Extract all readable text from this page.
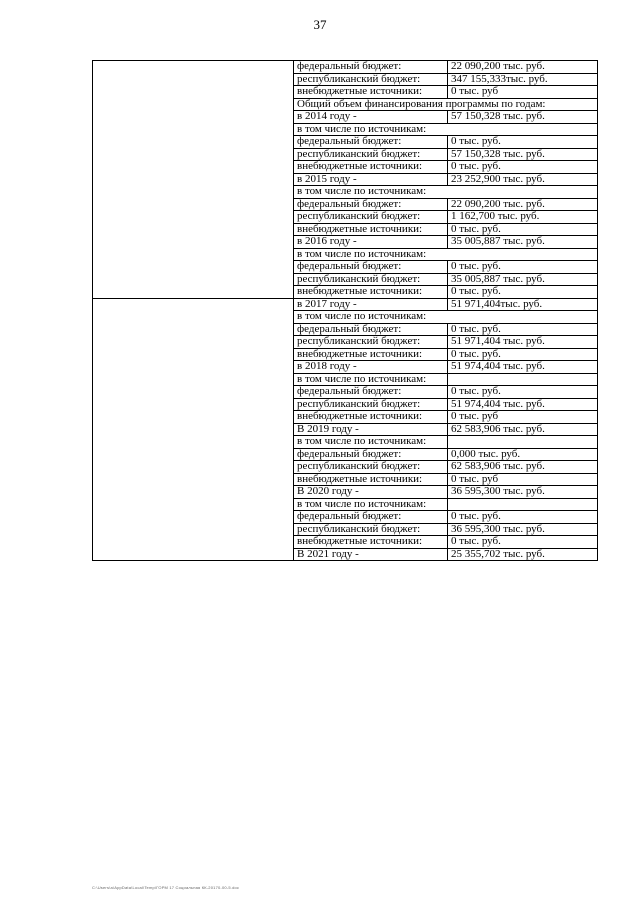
37
	федеральный бюджет:	22 090,200 тыс. руб.
	республиканский бюджет:	347 155,333тыс. руб.
	внебюджетные источники:	0 тыс. руб
	Общий объем финансирования программы по годам:	
	в 2014 году -	57 150,328 тыс. руб.
	в том числе по источникам:	
	федеральный бюджет:	0 тыс. руб.
	республиканский бюджет:	57 150,328 тыс. руб.
	внебюджетные источники:	0 тыс. руб.
	в 2015 году -	23 252,900 тыс. руб.
	в том числе по источникам:	
	федеральный бюджет:	22 090,200 тыс. руб.
	республиканский бюджет:	1 162,700 тыс. руб.
	внебюджетные источники:	0 тыс. руб.
	в 2016 году -	35 005,887 тыс. руб.
	в том числе по источникам:	
	федеральный бюджет:	0 тыс. руб.
	республиканский бюджет:	35 005,887 тыс. руб.
	внебюджетные источники:	0 тыс. руб.
	в 2017 году -	51 971,404тыс. руб.
	в том числе по источникам:	
	федеральный бюджет:	0 тыс. руб.
	республиканский бюджет:	51 971,404 тыс. руб.
	внебюджетные источники:	0 тыс. руб.
	в 2018 году -	51 974,404 тыс. руб.
	в том числе по источникам:	
	федеральный бюджет:	0 тыс. руб.
	республиканский бюджет:	51 974,404 тыс. руб.
	внебюджетные источники:	0 тыс. руб
	В 2019 году -	62 583,906 тыс. руб.
	в том числе по источникам:	
	федеральный бюджет:	0,000 тыс. руб.
	республиканский бюджет:	62 583,906 тыс. руб.
	внебюджетные источники:	0 тыс. руб
	В 2020 году -	36 595,300 тыс. руб.
	в том числе по источникам:	
	федеральный бюджет:	0 тыс. руб.
	республиканский бюджет:	36 595,300 тыс. руб.
	внебюджетные источники:	0 тыс. руб.
	В 2021 году -	25 355,702 тыс. руб.
С:\Users\a\AppData\Local\Temp\ГОРМ 17 Социальная КК-20170-00-5.doc
